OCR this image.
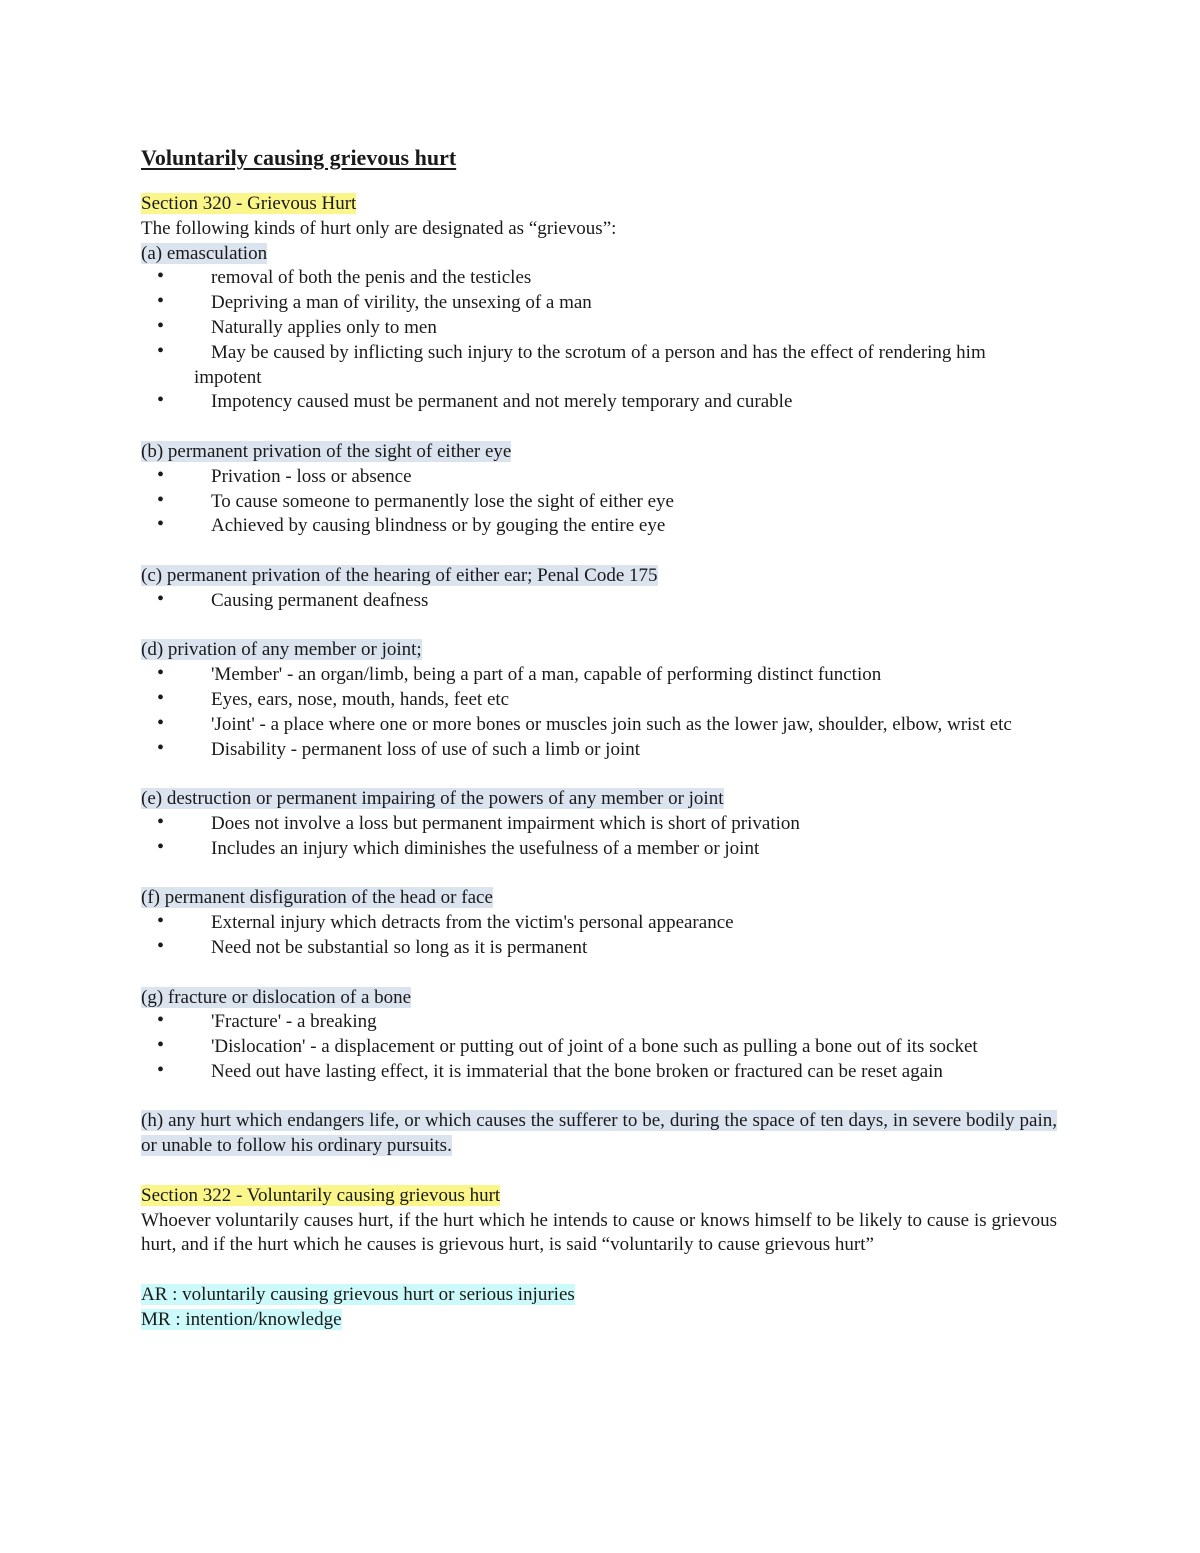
Voluntarily causing grievous hurt

Section 320 - Grievous Hurt

The following kinds of hurt only are designated as “grievous”:

(a) emasculation

• removal of both the penis and the testicles
• Depriving a man of virility, the unsexing of a man
• Naturally applies only to men
• May be caused by inflicting such injury to the scrotum of a person and has the effect of rendering him impotent
• Impotency caused must be permanent and not merely temporary and curable

(b) permanent privation of the sight of either eye

• Privation - loss or absence
• To cause someone to permanently lose the sight of either eye
• Achieved by causing blindness or by gouging the entire eye

(c) permanent privation of the hearing of either ear; Penal Code 175

• Causing permanent deafness

(d) privation of any member or joint;

• 'Member' - an organ/limb, being a part of a man, capable of performing distinct function
• Eyes, ears, nose, mouth, hands, feet etc
• 'Joint' - a place where one or more bones or muscles join such as the lower jaw, shoulder, elbow, wrist etc
• Disability - permanent loss of use of such a limb or joint

(e) destruction or permanent impairing of the powers of any member or joint

• Does not involve a loss but permanent impairment which is short of privation
• Includes an injury which diminishes the usefulness of a member or joint

(f) permanent disfiguration of the head or face

• External injury which detracts from the victim's personal appearance
• Need not be substantial so long as it is permanent

(g) fracture or dislocation of a bone

• 'Fracture' - a breaking
• 'Dislocation' - a displacement or putting out of joint of a bone such as pulling a bone out of its socket
• Need out have lasting effect, it is immaterial that the bone broken or fractured can be reset again

(h) any hurt which endangers life, or which causes the sufferer to be, during the space of ten days, in severe bodily pain, or unable to follow his ordinary pursuits.

Section 322 - Voluntarily causing grievous hurt

Whoever voluntarily causes hurt, if the hurt which he intends to cause or knows himself to be likely to cause is grievous hurt, and if the hurt which he causes is grievous hurt, is said “voluntarily to cause grievous hurt”

AR : voluntarily causing grievous hurt or serious injuries

MR : intention/knowledge
